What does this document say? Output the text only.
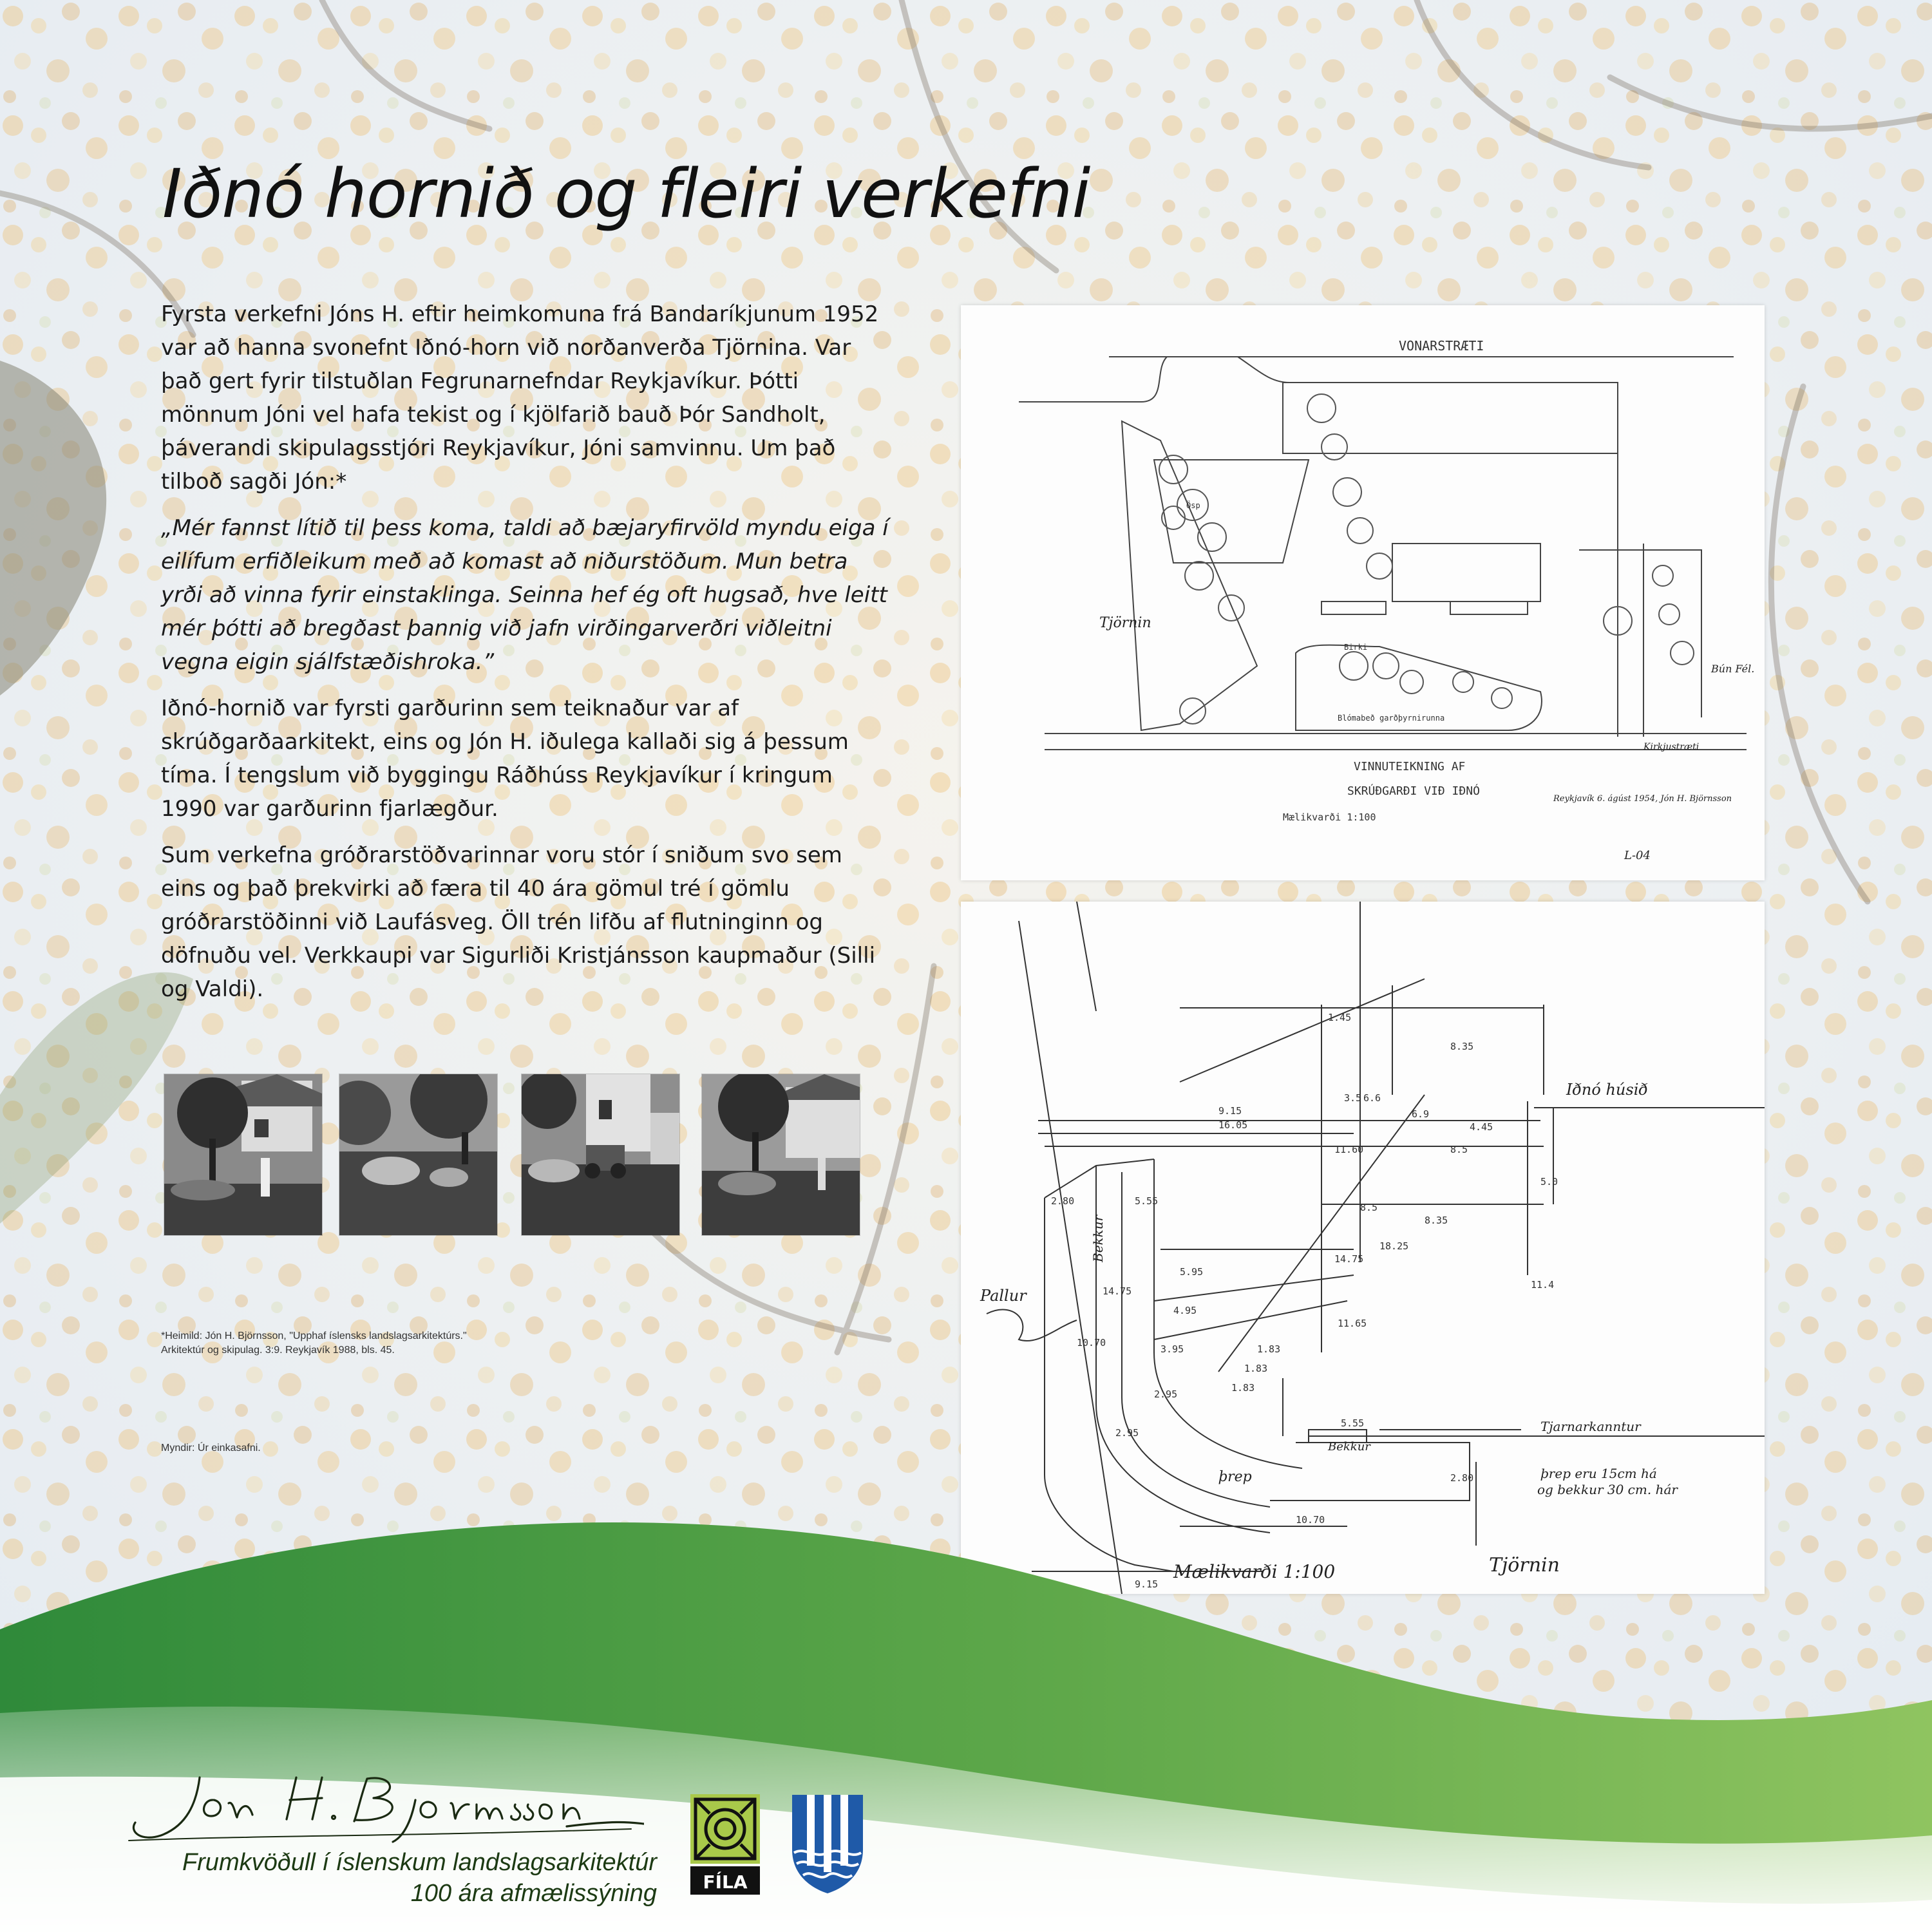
Iðnó hornið og fleiri verkefni

Fyrsta verkefni Jóns H. eftir heimkomuna frá Bandaríkjunum 1952 var að hanna svonefnt Iðnó-horn við norðanverða Tjörnina. Var það gert fyrir tilstuðlan Fegrunarnefndar Reykjavíkur. Þótti mönnum Jóni vel hafa tekist og í kjölfarið bauð Þór Sandholt, þáverandi skipulagsstjóri Reykjavíkur, Jóni samvinnu. Um það tilboð sagði Jón:*

„Mér fannst lítið til þess koma, taldi að bæjaryfirvöld myndu eiga í eilífum erfiðleikum með að komast að niðurstöðum. Mun betra yrði að vinna fyrir einstaklinga. Seinna hef ég oft hugsað, hve leitt mér þótti að bregðast þannig við jafn virðingarverðri viðleitni vegna eigin sjálfstæðishroka.”

Iðnó-hornið var fyrsti garðurinn sem teiknaður var af skrúðgarðaarkitekt, eins og Jón H. iðulega kallaði sig á þessum tíma. Í tengslum við byggingu Ráðhúss Reykjavíkur í kringum 1990 var garðurinn fjarlægður.

Sum verkefna gróðrarstöðvarinnar voru stór í sniðum svo sem eins og það þrekvirki að færa til 40 ára gömul tré í gömlu gróðrarstöðinni við Laufásveg. Öll trén lifðu af flutninginn og döfnuðu vel. Verkkaupi var Sigurliði Kristjánsson kaupmaður (Silli og Valdi).

*Heimild: Jón H. Björnsson, "Upphaf íslensks landslagsarkitektúrs."
Arkitektúr og skipulag. 3:9. Reykjavík 1988, bls. 45.
Myndir: Úr einkasafni.
VONARSTRÆTI
Tjörnin
VINNUTEIKNING AF
SKRÚÐGARÐI VIÐ IÐNÓ
Mælikvarði 1:100
Reykjavík 6. ágúst 1954, Jón H. Björnsson
L-04
Bún Fél.
Kirkjustræti
Birki
Ösp
Blómabeð garðþyrnirunna
Pallur
Bekkur
Bekkur
þrep
Tjarnarkanntur
Iðnó húsið
þrep eru 15cm há
og bekkur 30 cm. hár
Mælikvarði 1:100	Tjörnin
1.45
8.35
9.15
16.05
11.60
6.9
4.45
3.5 6.6
5.0
8.5
18.25
14.75
11.65
11.4
8.35
2.80	5.55
14.75
10.70
5.95
4.95
3.95	1.83
1.83
1.83
2.95
2.95
5.55
2.80
10.70
9.15
8.5
Frumkvöðull í íslenskum landslagsarkitektúr
100 ára afmælissýning	FÍLA
